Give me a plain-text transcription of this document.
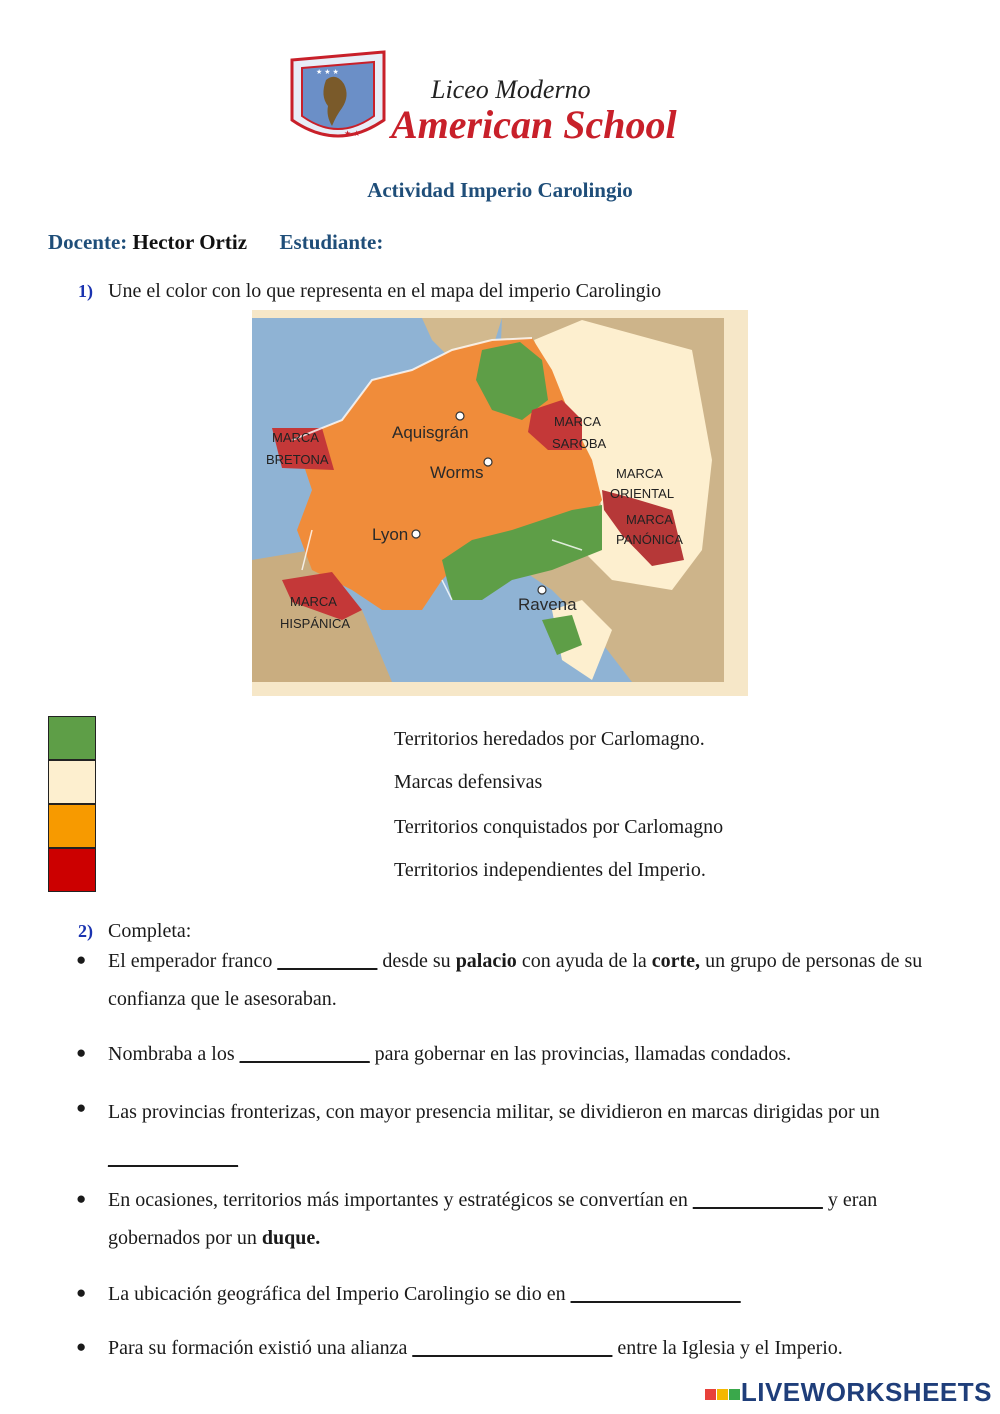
★ ★ ★
★ ★
Liceo Moderno
American School
Actividad Imperio Carolingio
Docente: Hector Ortiz Estudiante:
1) Une el color con lo que representa en el mapa del imperio Carolingio
Aquisgrán
Worms
Lyon
Ravena
MARCA
BRETONA
MARCA
SAROBA
MARCA
ORIENTAL
MARCA
PANÓNICA
MARCA
HISPÁNICA
Territorios heredados por Carlomagno.
Marcas defensivas
Territorios conquistados por Carlomagno
Territorios independientes del Imperio.
2) Completa:
● El emperador franco __________ desde su palacio con ayuda de la corte, un grupo de personas de su confianza que le asesoraban.
● Nombraba a los _____________ para gobernar en las provincias, llamadas condados.
● Las provincias fronterizas, con mayor presencia militar, se dividieron en marcas dirigidas por un _____________
● En ocasiones, territorios más importantes y estratégicos se convertían en _____________ y eran gobernados por un duque.
● La ubicación geográfica del Imperio Carolingio se dio en _________________
● Para su formación existió una alianza ____________________ entre la Iglesia y el Imperio.
LIVEWORKSHEETS
